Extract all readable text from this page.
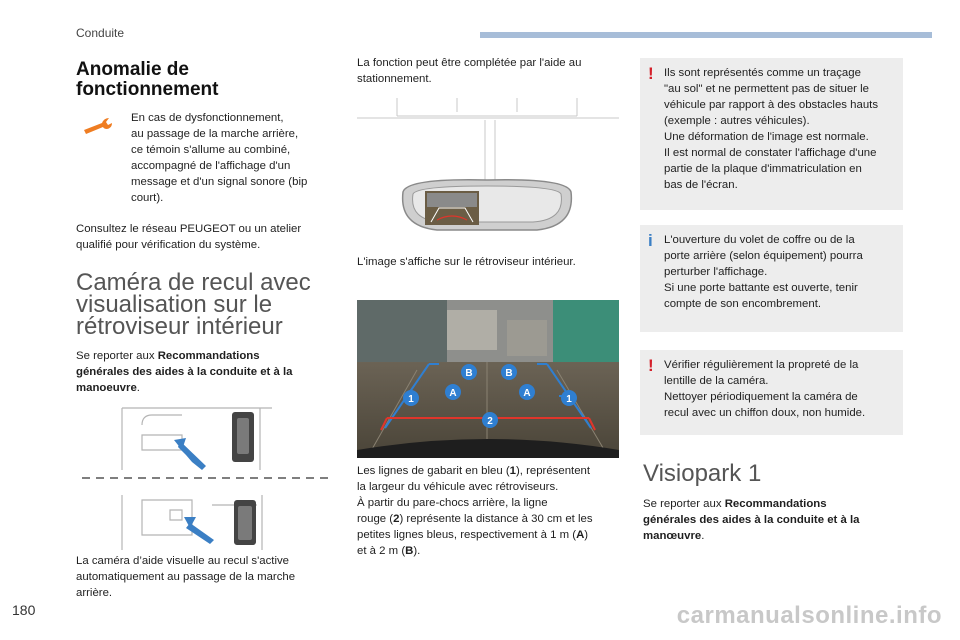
Conduite
Anomalie de
fonctionnement
En cas de dysfonctionnement,
au passage de la marche arrière,
ce témoin s'allume au combiné,
accompagné de l'affichage d'un
message et d'un signal sonore (bip
court).
Consultez le réseau PEUGEOT ou un atelier
qualifié pour vérification du système.
Caméra de recul avec
visualisation sur le
rétroviseur intérieur
Se reporter aux Recommandations
générales des aides à la conduite et à la
manoeuvre.
La caméra d’aide visuelle au recul s'active
automatiquement au passage de la marche
arrière.
La fonction peut être complétée par l'aide au
stationnement.
L'image s'affiche sur le rétroviseur intérieur.
1	1
A	A
B	B
2
Les lignes de gabarit en bleu (1), représentent
la largeur du véhicule avec rétroviseurs.
À partir du pare-chocs arrière, la ligne
rouge (2) représente la distance à 30 cm et les
petites lignes bleus, respectivement à 1 m (A)
et à 2 m (B).
! Ils sont représentés comme un traçage
"au sol" et ne permettent pas de situer le
véhicule par rapport à des obstacles hauts
(exemple : autres véhicules).
Une déformation de l'image est normale.
Il est normal de constater l'affichage d'une
partie de la plaque d'immatriculation en
bas de l'écran.
i L'ouverture du volet de coffre ou de la
porte arrière (selon équipement) pourra
perturber l'affichage.
Si une porte battante est ouverte, tenir
compte de son encombrement.
! Vérifier régulièrement la propreté de la
lentille de la caméra.
Nettoyer périodiquement la caméra de
recul avec un chiffon doux, non humide.
Visiopark 1
Se reporter aux Recommandations
générales des aides à la conduite et à la
manœuvre.
180	carmanualsonline.info
